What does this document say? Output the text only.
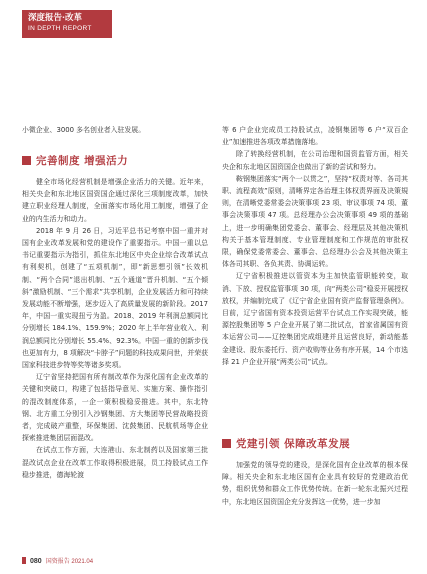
深度报告·改革
IN DEPTH REPORT

小微企业、3000 多名创业者入驻发展。

完善制度 增强活力

健全市场化经营机制是增强企业活力的关键。近年来，相关央企和东北地区国资国企通过深化三项制度改革，加快建立职业经理人制度，全面落实市场化用工制度，增强了企业的内生活力和动力。

2018 年 9 月 26 日，习近平总书记考察中国一重并对国有企业改革发展和党的建设作了重要指示。中国一重以总书记重要指示为指引，抓住东北地区中央企业综合改革试点有利契机，创建了“五项机制”，即“新思想引领”长效机制、“两个合同”退出机制、“五个通道”晋升机制、“五个倾斜”激励机制、“三个需求”共享机制，企业发展活力和可持续发展动能不断增强，逐步迈入了高质量发展的新阶段。2017 年，中国一重实现扭亏为盈。2018、2019 年利润总额同比分别增长 184.1%、159.9%；2020 年上半年营业收入、利润总额同比分别增长 55.4%、92.3%。中国一重的创新步伐也更加有力，8 项解决“卡脖子”问题的科技成果问世，并荣获国家科技进步特等奖等诸多奖项。

辽宁省坚持把国有所有制改革作为深化国有企业改革的关键和突破口，构建了包括指导意见、实施方案、操作指引的混改制度体系，一企一策积极稳妥推进。其中，东北特钢、北方重工分别引入沙钢集团、方大集团等民营战略投资者，完成破产重整，环保集团、沈鼓集团、民航机场等企业探索推进集团层面混改。

在试点工作方面，大连港山、东北制药以及国家第三批混改试点企业在改革工作取得积极进展，员工持股试点工作稳步推进，德海轮渡

等 6 户企业完成员工持股试点，凌钢集团等 6 户“双百企业”加速推进各项改革措施落地。

除了转换经营机制，在公司治理和国资监管方面，相关央企和东北地区国资国企也做出了新的尝试和努力。

鞍钢集团落实“两个一以贯之”，坚持“权责对等、各司其职、流程高效”原则，清晰界定各治理主体权责界面及决策規则，在清晰党委常委会决策事项 23 项、审议事项 74 项、董事会决策事项 47 项。总经理办公会决策事项 49 项的基础上，进一步明确集团党委会、董事会、经理层及其他决策机构关于基本管理制度、专业管理制度和工作规范的审批权限，确保党委常委会、董事会、总经理办公会及其他决策主体各司其职、各负其责、协调运转。

辽宁省积极推进以管资本为主加快监管职能转变，取消、下放、授权监管事项 30 项，向“两类公司”稳妥开展授权放权，并编制完成了《辽宁省企业国有资产监督管理条例》。目前，辽宁省国有资本投资运营平台试点工作实现突破，能源控股集团等 5 户企业开展了第二批试点，首家省属国有资本运营公司——辽控集团完成组建并且运营良好，新动能基金建设、股东委托行、资产收购等业务有序开展，14 个市选择 21 户企业开展“两类公司”试点。

党建引领 保障改革发展

加强党的领导党的建设，是深化国有企业改革的根本保障。相关央企和东北地区国有企业具有较好的党建政治优势，组织优势和群众工作优势传统。在新一轮东北振兴过程中，东北地区国资国企充分发挥这一优势，进一步加

080 国资报告 2021.04
